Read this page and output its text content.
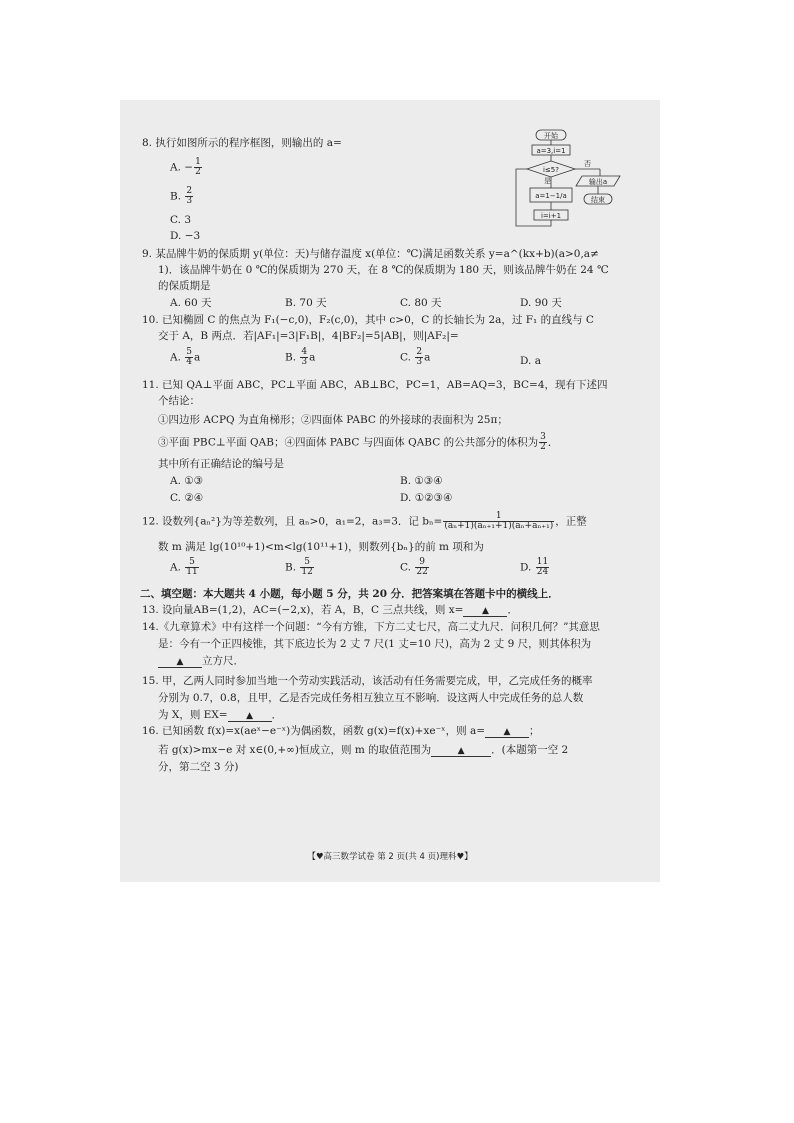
8. 执行如图所示的程序框图，则输出的 a=
A. − $\frac{1}{2}$
B. $\frac{2}{3}$
C. 3
D. −3
开始
a=3,i=1
i≤5?
否
输出a
结束
是
a=1−1/a
i=i+1
9. 某品牌牛奶的保质期 y(单位：天)与储存温度 x(单位：℃)满足函数关系 y=a^(kx+b)(a>0,a≠
1)．该品牌牛奶在 0 ℃的保质期为 270 天，在 8 ℃的保质期为 180 天，则该品牌牛奶在 24 ℃
的保质期是
A. 60 天	B. 70 天	C. 80 天	D. 90 天
10. 已知椭圆 C 的焦点为 F₁(−c,0)，F₂(c,0)，其中 c>0，C 的长轴长为 2a，过 F₁ 的直线与 C
交于 A，B 两点．若|AF₁|=3|F₁B|，4|BF₂|=5|AB|，则|AF₂|=
A. $\frac{5}{4}$ a	B. $\frac{4}{3}$ a	C. $\frac{2}{3}$ a	D. a
11. 已知 QA⊥平面 ABC，PC⊥平面 ABC，AB⊥BC，PC=1，AB=AQ=3，BC=4，现有下述四
个结论：
①四边形 ACPQ 为直角梯形；②四面体 PABC 的外接球的表面积为 25π；
③平面 PBC⊥平面 QAB；④四面体 PABC 与四面体 QABC 的公共部分的体积为 $\frac{3}{2}$ ．
其中所有正确结论的编号是
A. ①③	B. ①③④
C. ②④	D. ①②③④
12. 设数列{aₙ²}为等差数列，且 aₙ>0，a₁=2，a₃=3．记 $b_n= \frac{1}{\text{(aₙ+1)(aₙ₊₁+1)(aₙ+aₙ₊₁)}}$ ，正整
数 m 满足 lg(10¹⁰+1)<m<lg(10¹¹+1)，则数列{bₙ}的前 m 项和为
A. $\frac{5}{11}$	B. $\frac{5}{12}$	C. $\frac{9}{22}$	D. $\frac{11}{24}$
二、填空题：本大题共 4 小题，每小题 5 分，共 20 分．把答案填在答题卡中的横线上．
13. 设向量AB=(1,2)，AC=(−2,x)，若 A，B，C 三点共线，则 x= ▲ ．
14.《九章算术》中有这样一个问题：“今有方锥，下方二丈七尺，高二丈九尺．问积几何？”其意思
是：今有一个正四棱锥，其下底边长为 2 丈 7 尺(1 丈=10 尺)，高为 2 丈 9 尺，则其体积为
▲ 立方尺．
15. 甲，乙两人同时参加当地一个劳动实践活动，该活动有任务需要完成，甲，乙完成任务的概率
分别为 0.7，0.8，且甲，乙是否完成任务相互独立互不影响．设这两人中完成任务的总人数
为 X，则 EX= ▲ ．
16. 已知函数 f(x)=x(aeˣ−e⁻ˣ)为偶函数，函数 g(x)=f(x)+xe⁻ˣ，则 a= ▲ ；
若 g(x)>mx−e 对 x∈(0,+∞)恒成立，则 m 的取值范围为	▲	．(本题第一空 2
分，第二空 3 分)
【♥高三数学试卷 第 2 页(共 4 页)理科♥】
